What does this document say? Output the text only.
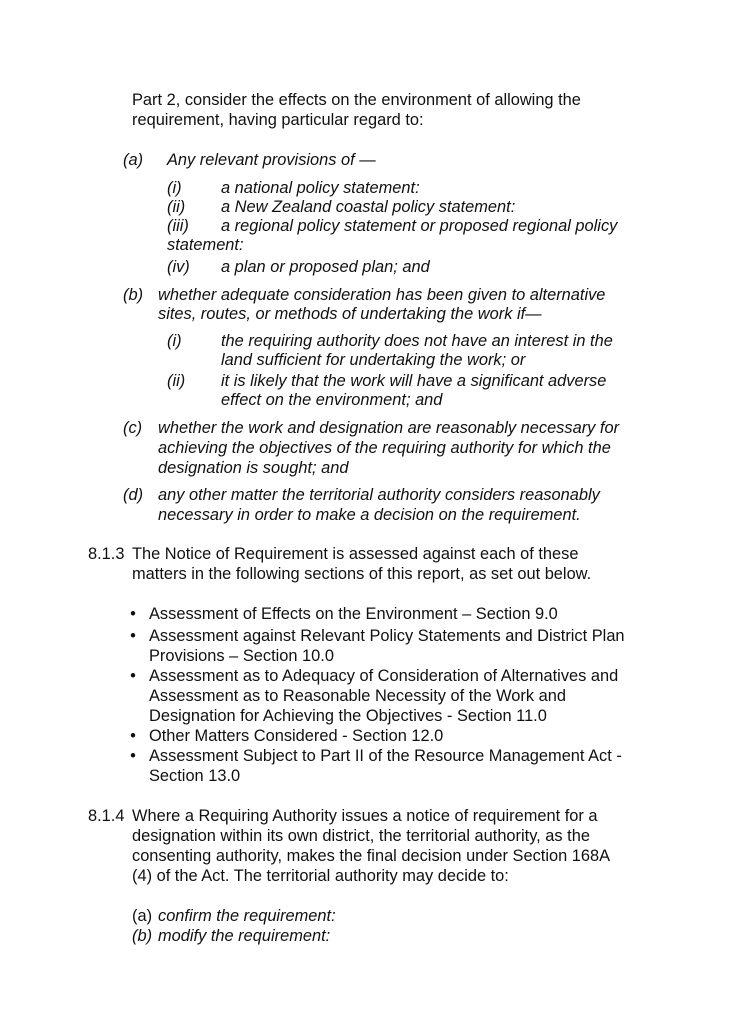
Part 2, consider the effects on the environment of allowing the
requirement, having particular regard to:
(a) Any relevant provisions of —
(i) a national policy statement:
(ii) a New Zealand coastal policy statement:
(iii) a regional policy statement or proposed regional policy
statement:
(iv) a plan or proposed plan; and
(b) whether adequate consideration has been given to alternative
sites, routes, or methods of undertaking the work if—
(i) the requiring authority does not have an interest in the
land sufficient for undertaking the work; or
(ii) it is likely that the work will have a significant adverse
effect on the environment; and
(c) whether the work and designation are reasonably necessary for
achieving the objectives of the requiring authority for which the
designation is sought; and
(d) any other matter the territorial authority considers reasonably
necessary in order to make a decision on the requirement.
8.1.3 The Notice of Requirement is assessed against each of these
matters in the following sections of this report, as set out below.
• Assessment of Effects on the Environment – Section 9.0
• Assessment against Relevant Policy Statements and District Plan
Provisions – Section 10.0
• Assessment as to Adequacy of Consideration of Alternatives and
Assessment as to Reasonable Necessity of the Work and
Designation for Achieving the Objectives - Section 11.0
• Other Matters Considered - Section 12.0
• Assessment Subject to Part II of the Resource Management Act -
Section 13.0
8.1.4 Where a Requiring Authority issues a notice of requirement for a
designation within its own district, the territorial authority, as the
consenting authority, makes the final decision under Section 168A
(4) of the Act. The territorial authority may decide to:
(a) confirm the requirement:
(b) modify the requirement:
